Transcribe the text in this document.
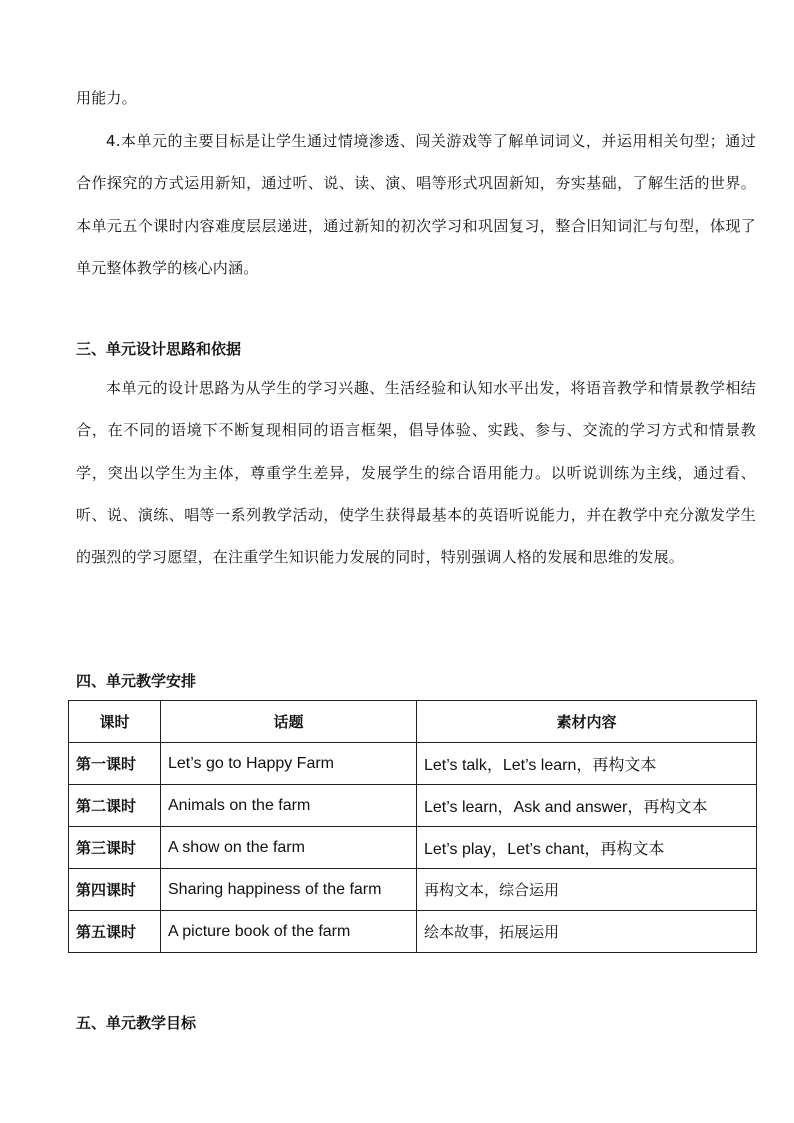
用能力。

4.本单元的主要目标是让学生通过情境渗透、闯关游戏等了解单词词义，并运用相关句型；通过合作探究的方式运用新知，通过听、说、读、演、唱等形式巩固新知，夯实基础，了解生活的世界。本单元五个课时内容难度层层递进，通过新知的初次学习和巩固复习，整合旧知词汇与句型，体现了单元整体教学的核心内涵。

三、单元设计思路和依据

本单元的设计思路为从学生的学习兴趣、生活经验和认知水平出发，将语音教学和情景教学相结合，在不同的语境下不断复现相同的语言框架，倡导体验、实践、参与、交流的学习方式和情景教学，突出以学生为主体，尊重学生差异，发展学生的综合语用能力。以听说训练为主线，通过看、听、说、演练、唱等一系列教学活动，使学生获得最基本的英语听说能力，并在教学中充分激发学生的强烈的学习愿望，在注重学生知识能力发展的同时，特别强调人格的发展和思维的发展。

四、单元教学安排
课时	话题	素材内容
第一课时	Let’s go to Happy Farm	Let’s talk，Let’s learn，再构文本
第二课时	Animals on the farm	Let’s learn，Ask and answer，再构文本
第三课时	A show on the farm	Let’s play，Let’s chant，再构文本
第四课时	Sharing happiness of the farm	再构文本，综合运用
第五课时	A picture book of the farm	绘本故事，拓展运用
五、单元教学目标
